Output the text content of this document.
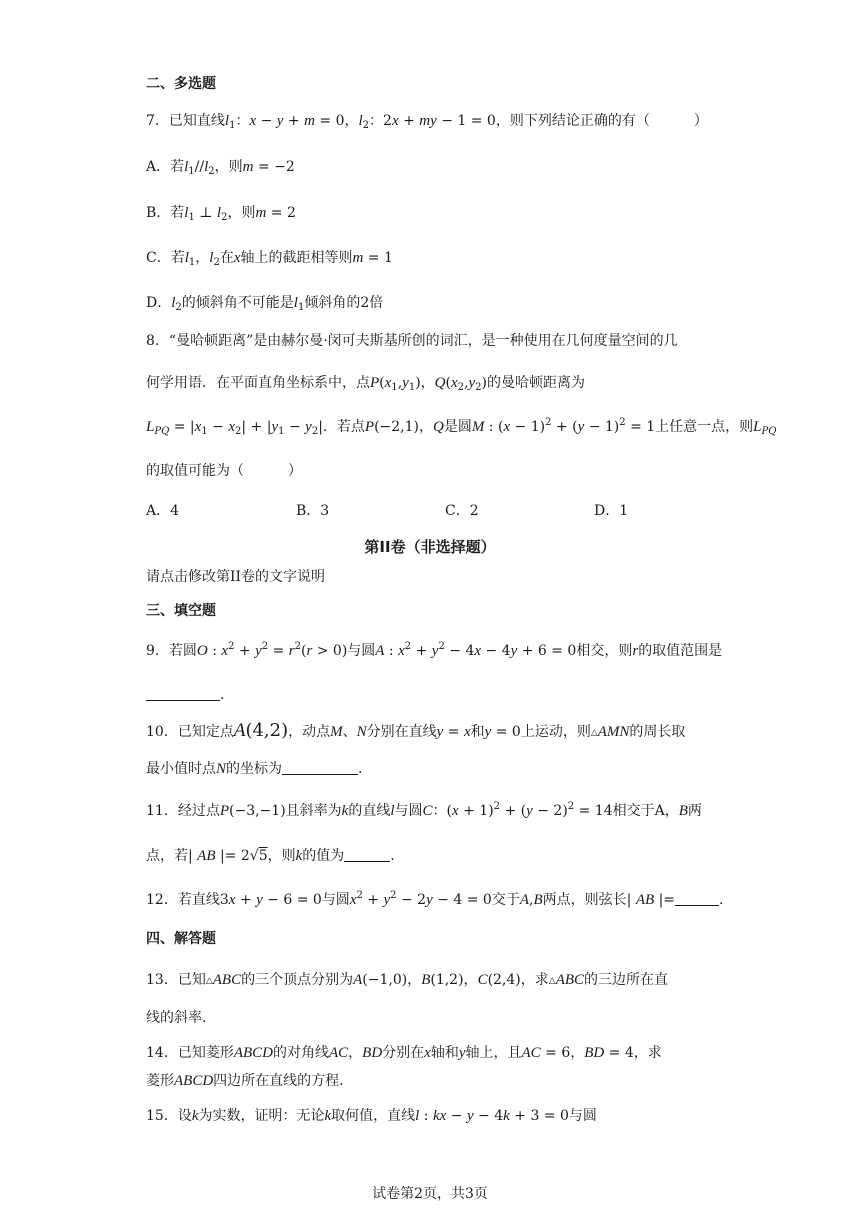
二、多选题
7．已知直线$l_1$：x − y + m = 0，$l_2$：2x + my − 1 = 0，则下列结论正确的有（	）
A．若$l_1//l_2$，则m = −2
B．若$l_1$ ⊥ $l_2$，则m = 2
C．若$l_1$，$l_2$在x轴上的截距相等则m = 1
D．$l_2$的倾斜角不可能是$l_1$倾斜角的2倍
8．“曼哈顿距离”是由赫尔曼·闵可夫斯基所创的词汇，是一种使用在几何度量空间的几
何学用语．在平面直角坐标系中，点$P(x_1,y_1)$，$Q(x_2,y_2)$的曼哈顿距离为
$L_{PQ} = |x_1 - x_2| + |y_1 - y_2|$．若点P(−2,1)，Q是圆M : $(x - 1)^2 + (y - 1)^2 = 1$上任意一点，则$L_{PQ}$
的取值可能为（	）
A．4	B．3	C．2	D．1
第II卷（非选择题）
请点击修改第II卷的文字说明
三、填空题
9．若圆O : $x^2 + y^2 = r^2(r > 0)$与圆A : $x^2 + y^2 - 4x - 4y + 6 = 0$相交，则r的取值范围是
.
10．已知定点A(4,2)，动点M、N分别在直线y = x和y = 0上运动，则△AMN的周长取
最小值时点N的坐标为	.
11．经过点P(−3,−1)且斜率为k的直线l与圆C：$(x + 1)^2 + (y - 2)^2 = 14$相交于A，B两
点，若| AB |= 2√5，则k的值为	.
12．若直线3x + y − 6 = 0与圆$x^2 + y^2 - 2y - 4 = 0$交于A,B两点，则弦长| AB |=	.
四、解答题
13．已知△ABC的三个顶点分别为A(−1,0)，B(1,2)，C(2,4)，求△ABC的三边所在直
线的斜率.
14．已知菱形ABCD的对角线AC，BD分别在x轴和y轴上，且AC = 6，BD = 4，求
菱形ABCD四边所在直线的方程.
15．设k为实数，证明：无论k取何值，直线l : kx − y − 4k + 3 = 0与圆
试卷第2页，共3页
